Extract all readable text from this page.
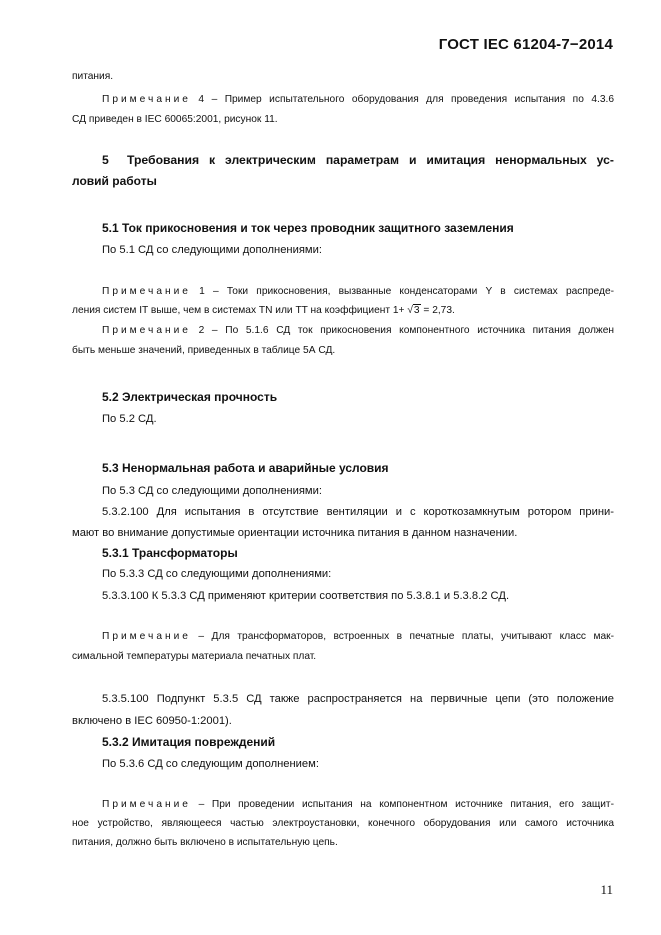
ГОСТ IEC 61204-7−2014
питания.
Примечание 4 – Пример испытательного оборудования для проведения испытания по 4.3.6
СД приведен в IEC 60065:2001, рисунок 11.
5 Требования к электрическим параметрам и имитация ненормальных ус-
ловий работы
5.1 Ток прикосновения и ток через проводник защитного заземления
По 5.1 СД со следующими дополнениями:
Примечание 1 – Токи прикосновения, вызванные конденсаторами Y в системах распреде-
ления систем IT выше, чем в системах TN или TT на коэффициент 1+ √3 = 2,73.
Примечание 2 – По 5.1.6 СД ток прикосновения компонентного источника питания должен
быть меньше значений, приведенных в таблице 5А СД.
5.2 Электрическая прочность
По 5.2 СД.
5.3 Ненормальная работа и аварийные условия
По 5.3 СД со следующими дополнениями:
5.3.2.100 Для испытания в отсутствие вентиляции и с короткозамкнутым ротором прини-
мают во внимание допустимые ориентации источника питания в данном назначении.
5.3.1 Трансформаторы
По 5.3.3 СД со следующими дополнениями:
5.3.3.100 К 5.3.3 СД применяют критерии соответствия по 5.3.8.1 и 5.3.8.2 СД.
Примечание – Для трансформаторов, встроенных в печатные платы, учитывают класс мак-
симальной температуры материала печатных плат.
5.3.5.100 Подпункт 5.3.5 СД также распространяется на первичные цепи (это положение
включено в IEC 60950-1:2001).
5.3.2 Имитация повреждений
По 5.3.6 СД со следующим дополнением:
Примечание – При проведении испытания на компонентном источнике питания, его защит-
ное устройство, являющееся частью электроустановки, конечного оборудования или самого источника
питания, должно быть включено в испытательную цепь.
11
